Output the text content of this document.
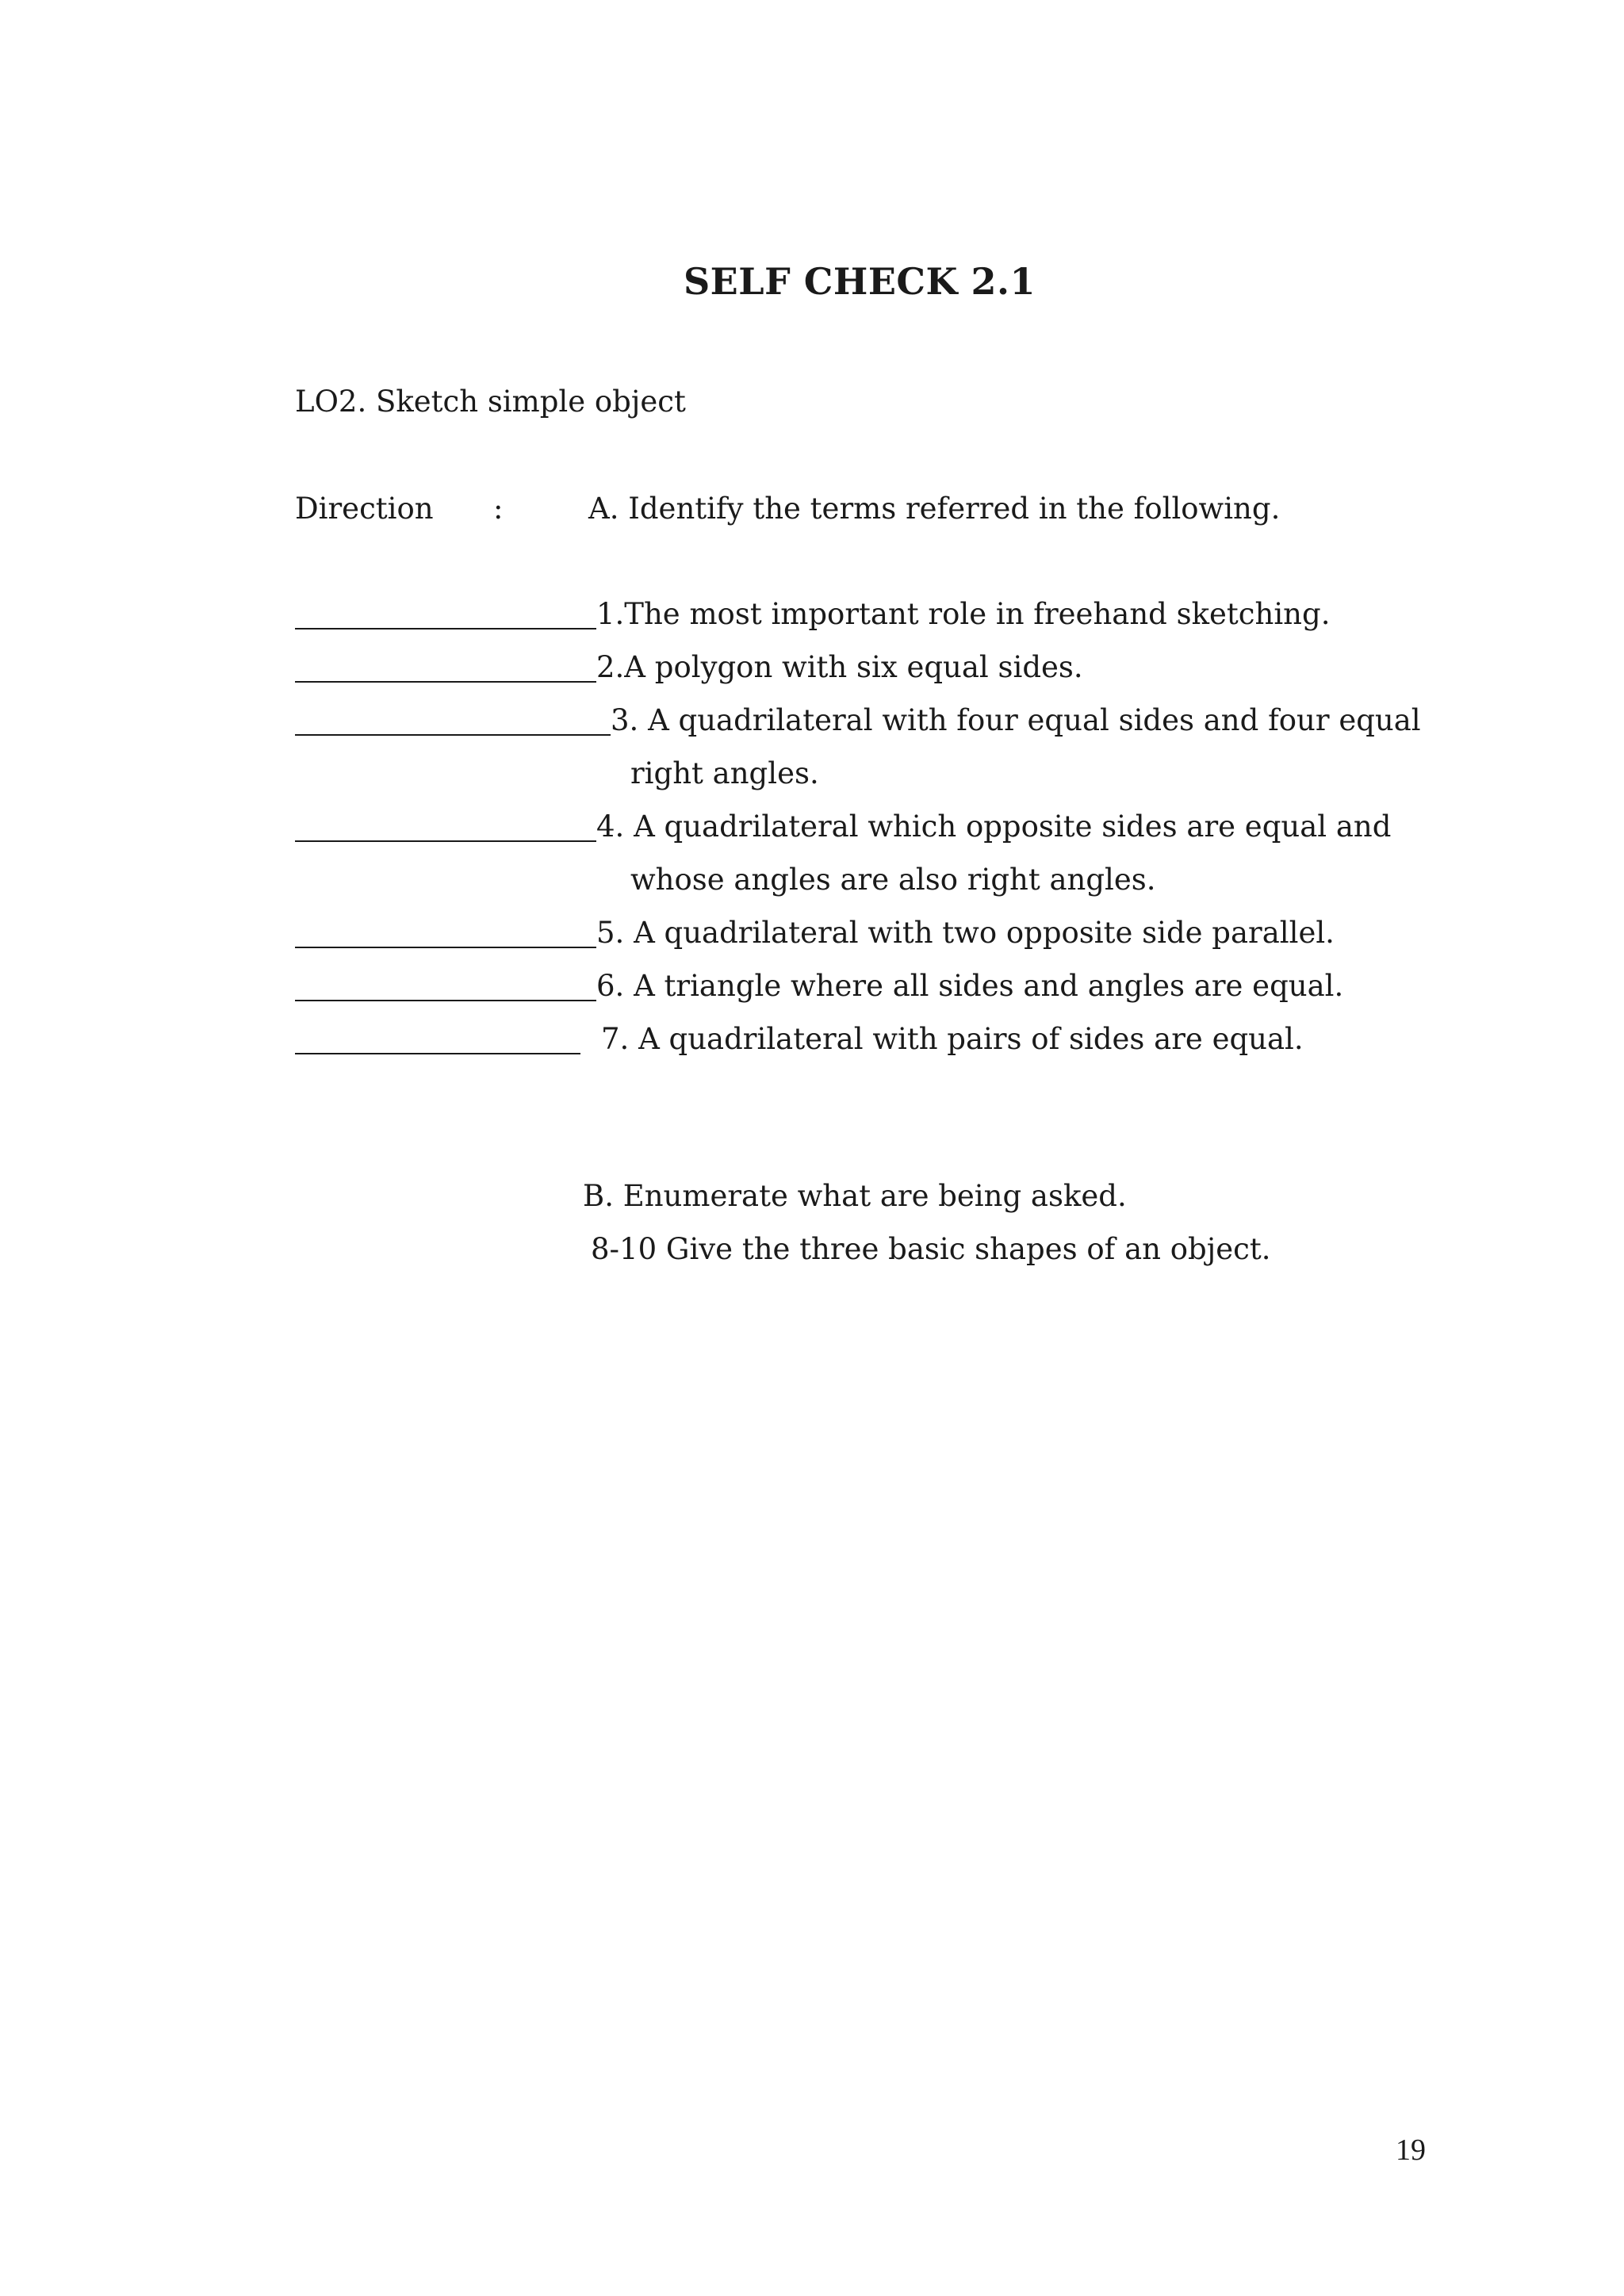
SELF CHECK 2.1
LO2. Sketch simple object
Direction :	A. Identify the terms referred in the following.
1.The most important role in freehand sketching.
2.A polygon with six equal sides.
3. A quadrilateral with four equal sides and four equal
right angles.
4. A quadrilateral which opposite sides are equal and
whose angles are also right angles.
5. A quadrilateral with two opposite side parallel.
6. A triangle where all sides and angles are equal.
7. A quadrilateral with pairs of sides are equal.
B. Enumerate what are being asked.
8-10 Give the three basic shapes of an object.
19
